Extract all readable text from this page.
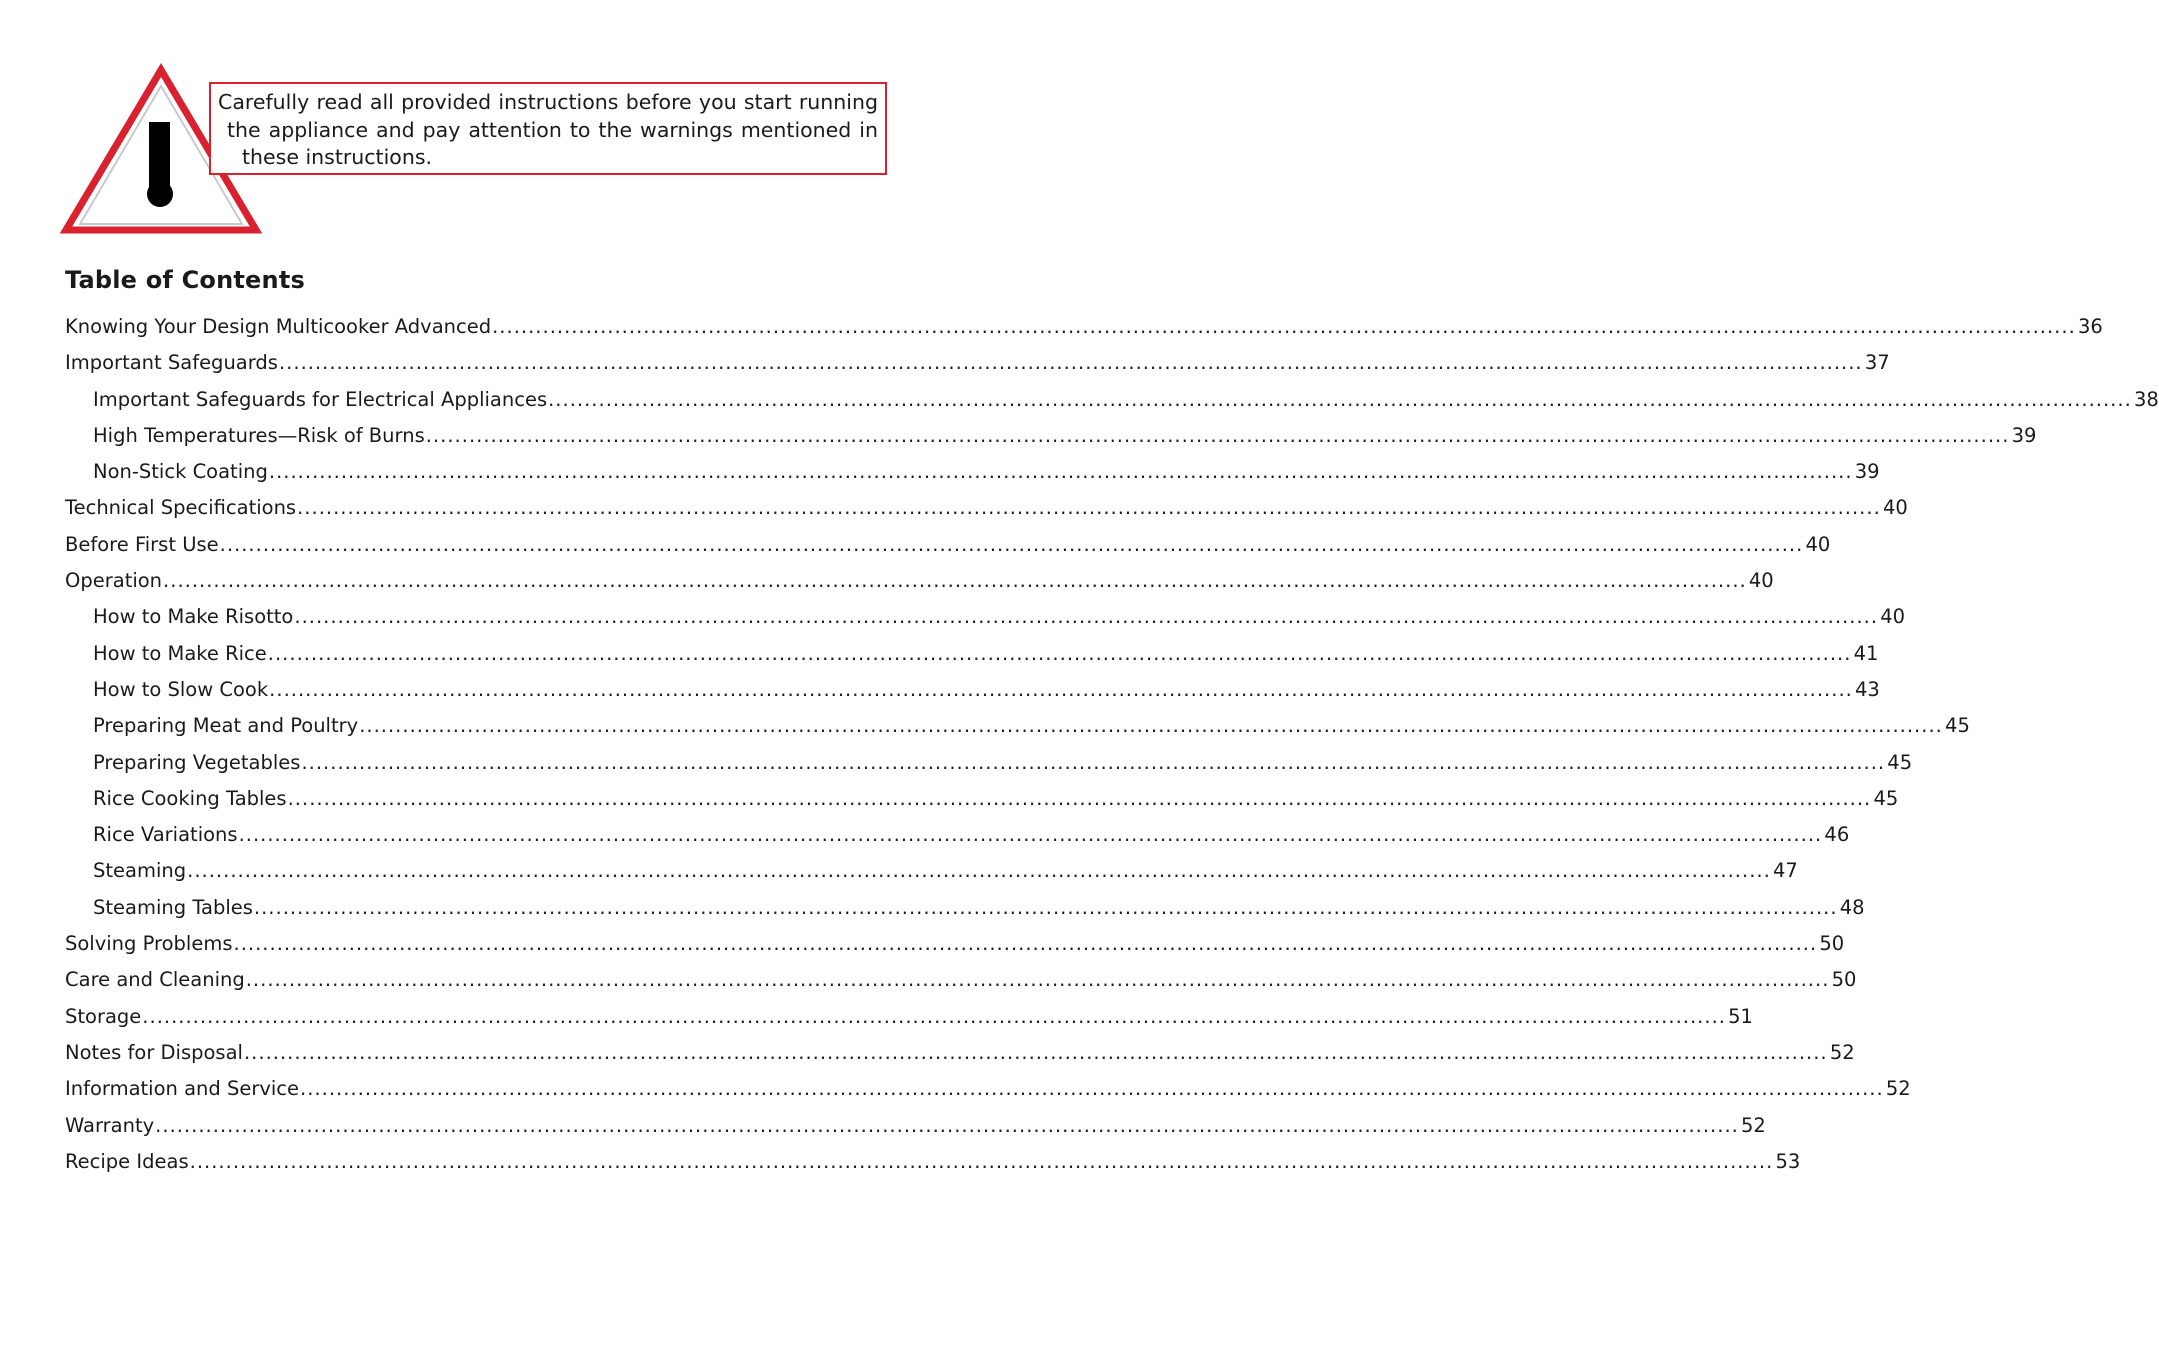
Carefully read all provided instructions before you start running
the appliance and pay attention to the warnings mentioned in
these instructions.
Table of Contents
Knowing Your Design Multicooker Advanced ............................................................................................................................................................................................................................ 36
Important Safeguards ............................................................................................................................................................................................................................ 37
Important Safeguards for Electrical Appliances ............................................................................................................................................................................................................................ 38
High Temperatures—Risk of Burns ............................................................................................................................................................................................................................ 39
Non-Stick Coating ............................................................................................................................................................................................................................ 39
Technical Specifications ............................................................................................................................................................................................................................ 40
Before First Use ............................................................................................................................................................................................................................ 40
Operation ............................................................................................................................................................................................................................ 40
How to Make Risotto ............................................................................................................................................................................................................................ 40
How to Make Rice ............................................................................................................................................................................................................................ 41
How to Slow Cook ............................................................................................................................................................................................................................ 43
Preparing Meat and Poultry ............................................................................................................................................................................................................................ 45
Preparing Vegetables ............................................................................................................................................................................................................................ 45
Rice Cooking Tables ............................................................................................................................................................................................................................ 45
Rice Variations ............................................................................................................................................................................................................................ 46
Steaming ............................................................................................................................................................................................................................ 47
Steaming Tables ............................................................................................................................................................................................................................ 48
Solving Problems ............................................................................................................................................................................................................................ 50
Care and Cleaning ............................................................................................................................................................................................................................ 50
Storage ............................................................................................................................................................................................................................ 51
Notes for Disposal ............................................................................................................................................................................................................................ 52
Information and Service ............................................................................................................................................................................................................................ 52
Warranty ............................................................................................................................................................................................................................ 52
Recipe Ideas ............................................................................................................................................................................................................................ 53
